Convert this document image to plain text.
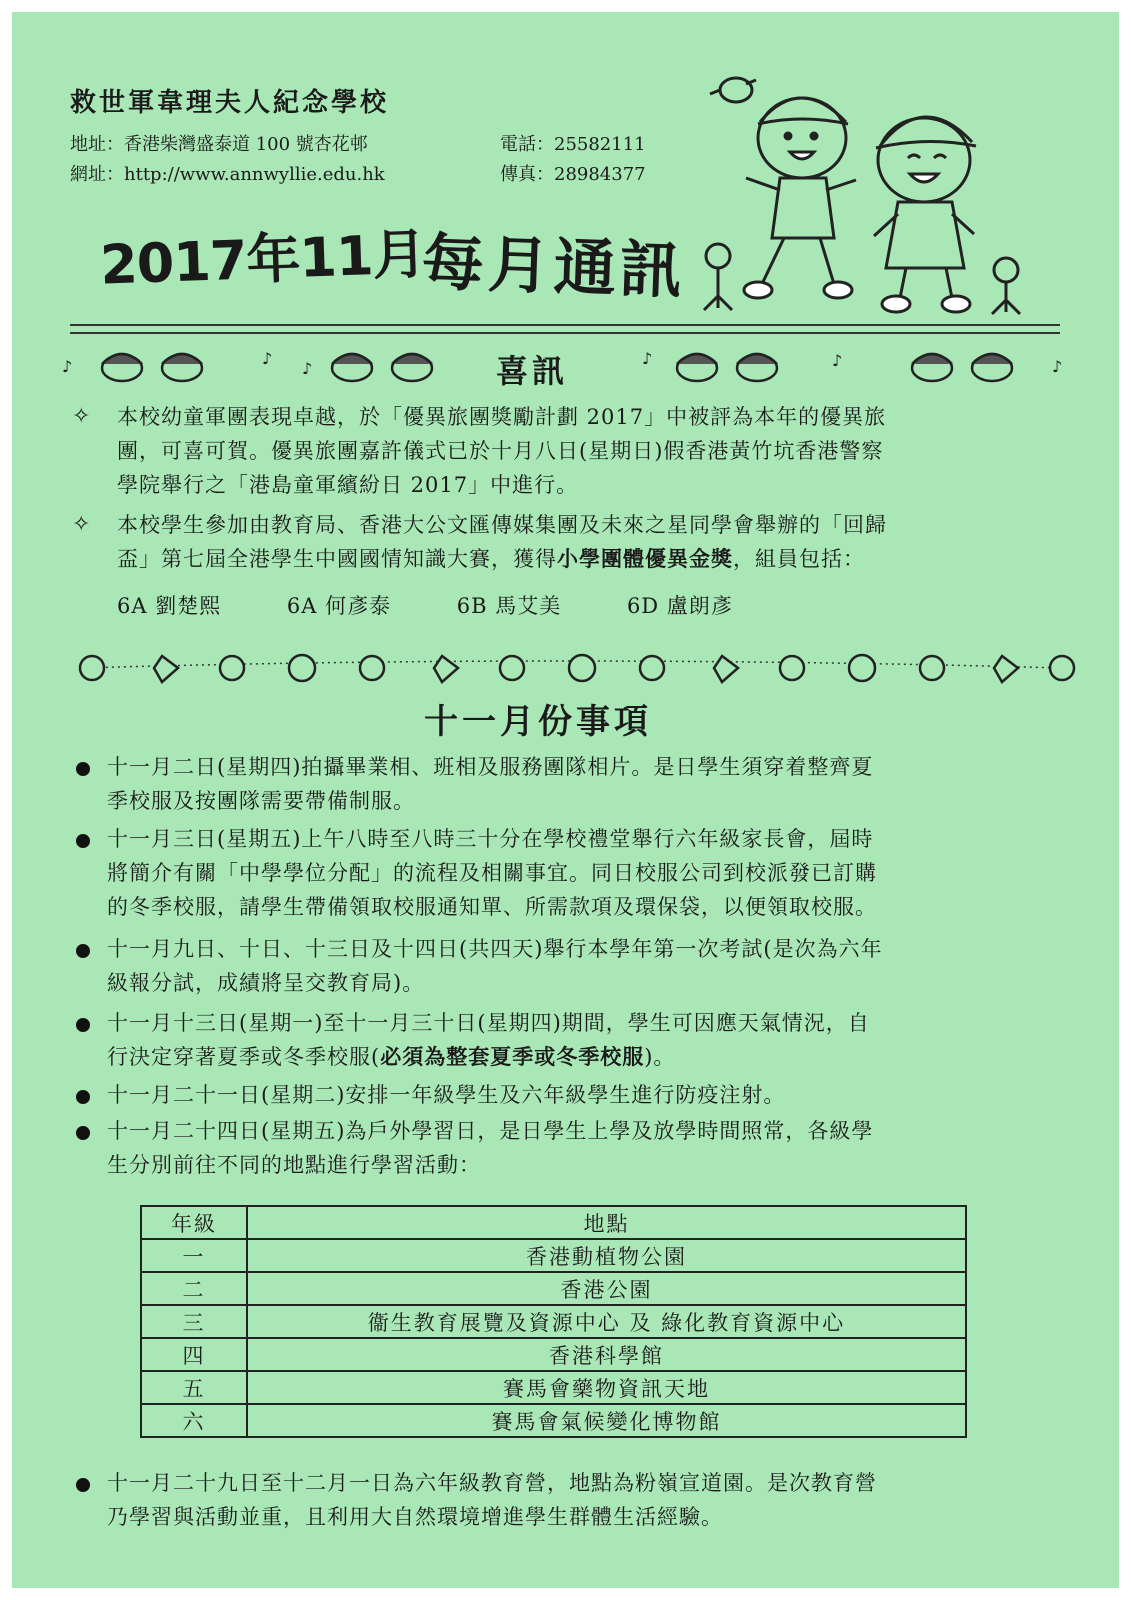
救世軍韋理夫人紀念學校
地址：香港柴灣盛泰道 100 號杏花邨
網址：http://www.annwyllie.edu.hk
電話：25582111
傳真：28984377
2017年11月
每月通訊
♪	♪
♪
♪	♪	♪
喜訊
✧ 本校幼童軍團表現卓越，於「優異旅團獎勵計劃 2017」中被評為本年的優異旅
團，可喜可賀。優異旅團嘉許儀式已於十月八日(星期日)假香港黃竹坑香港警察
學院舉行之「港島童軍繽紛日 2017」中進行。
✧ 本校學生參加由教育局、香港大公文匯傳媒集團及未來之星同學會舉辦的「回歸
盃」第七屆全港學生中國國情知識大賽，獲得小學團體優異金獎，組員包括：
6A 劉楚熙	6A 何彥泰	6B 馬艾美	6D 盧朗彥
十一月份事項
十一月二日(星期四)拍攝畢業相、班相及服務團隊相片。是日學生須穿着整齊夏
季校服及按團隊需要帶備制服。
十一月三日(星期五)上午八時至八時三十分在學校禮堂舉行六年級家長會，屆時
將簡介有關「中學學位分配」的流程及相關事宜。同日校服公司到校派發已訂購
的冬季校服，請學生帶備領取校服通知單、所需款項及環保袋，以便領取校服。
十一月九日、十日、十三日及十四日(共四天)舉行本學年第一次考試(是次為六年
級報分試，成績將呈交教育局)。
十一月十三日(星期一)至十一月三十日(星期四)期間，學生可因應天氣情況，自
行決定穿著夏季或冬季校服(必須為整套夏季或冬季校服)。
十一月二十一日(星期二)安排一年級學生及六年級學生進行防疫注射。
十一月二十四日(星期五)為戶外學習日，是日學生上學及放學時間照常，各級學
生分別前往不同的地點進行學習活動：
年級	地點
一	香港動植物公園
二	香港公園
三	衞生教育展覽及資源中心 及 綠化教育資源中心
四	香港科學館
五	賽馬會藥物資訊天地
六	賽馬會氣候變化博物館
十一月二十九日至十二月一日為六年級教育營，地點為粉嶺宣道園。是次教育營
乃學習與活動並重，且利用大自然環境增進學生群體生活經驗。
